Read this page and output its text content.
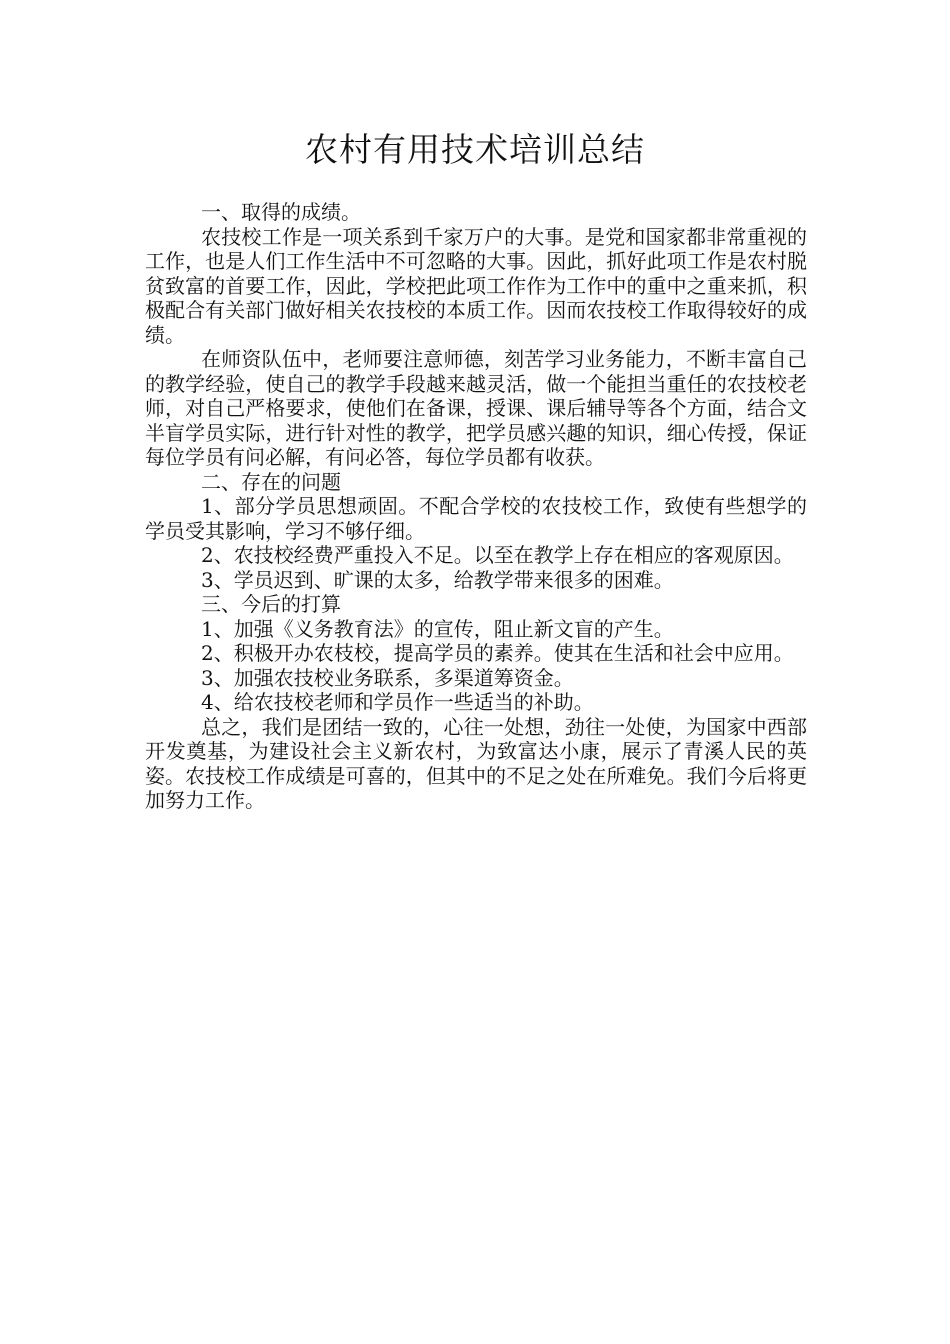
农村有用技术培训总结

一、取得的成绩。

农技校工作是一项关系到千家万户的大事。是党和国家都非常重视的工作，也是人们工作生活中不可忽略的大事。因此，抓好此项工作是农村脱贫致富的首要工作，因此，学校把此项工作作为工作中的重中之重来抓，积极配合有关部门做好相关农技校的本质工作。因而农技校工作取得较好的成绩。

在师资队伍中，老师要注意师德，刻苦学习业务能力，不断丰富自己的教学经验，使自己的教学手段越来越灵活，做一个能担当重任的农技校老师，对自己严格要求，使他们在备课，授课、课后辅导等各个方面，结合文半盲学员实际，进行针对性的教学，把学员感兴趣的知识，细心传授，保证每位学员有问必解，有问必答，每位学员都有收获。

二、存在的问题

1、部分学员思想顽固。不配合学校的农技校工作，致使有些想学的学员受其影响，学习不够仔细。

2、农技校经费严重投入不足。以至在教学上存在相应的客观原因。

3、学员迟到、旷课的太多，给教学带来很多的困难。

三、今后的打算

1、加强《义务教育法》的宣传，阻止新文盲的产生。

2、积极开办农枝校，提高学员的素养。使其在生活和社会中应用。

3、加强农技校业务联系，多渠道筹资金。

4、给农技校老师和学员作一些适当的补助。

总之，我们是团结一致的，心往一处想，劲往一处使，为国家中西部开发奠基，为建设社会主义新农村，为致富达小康，展示了青溪人民的英姿。农技校工作成绩是可喜的，但其中的不足之处在所难免。我们今后将更加努力工作。
